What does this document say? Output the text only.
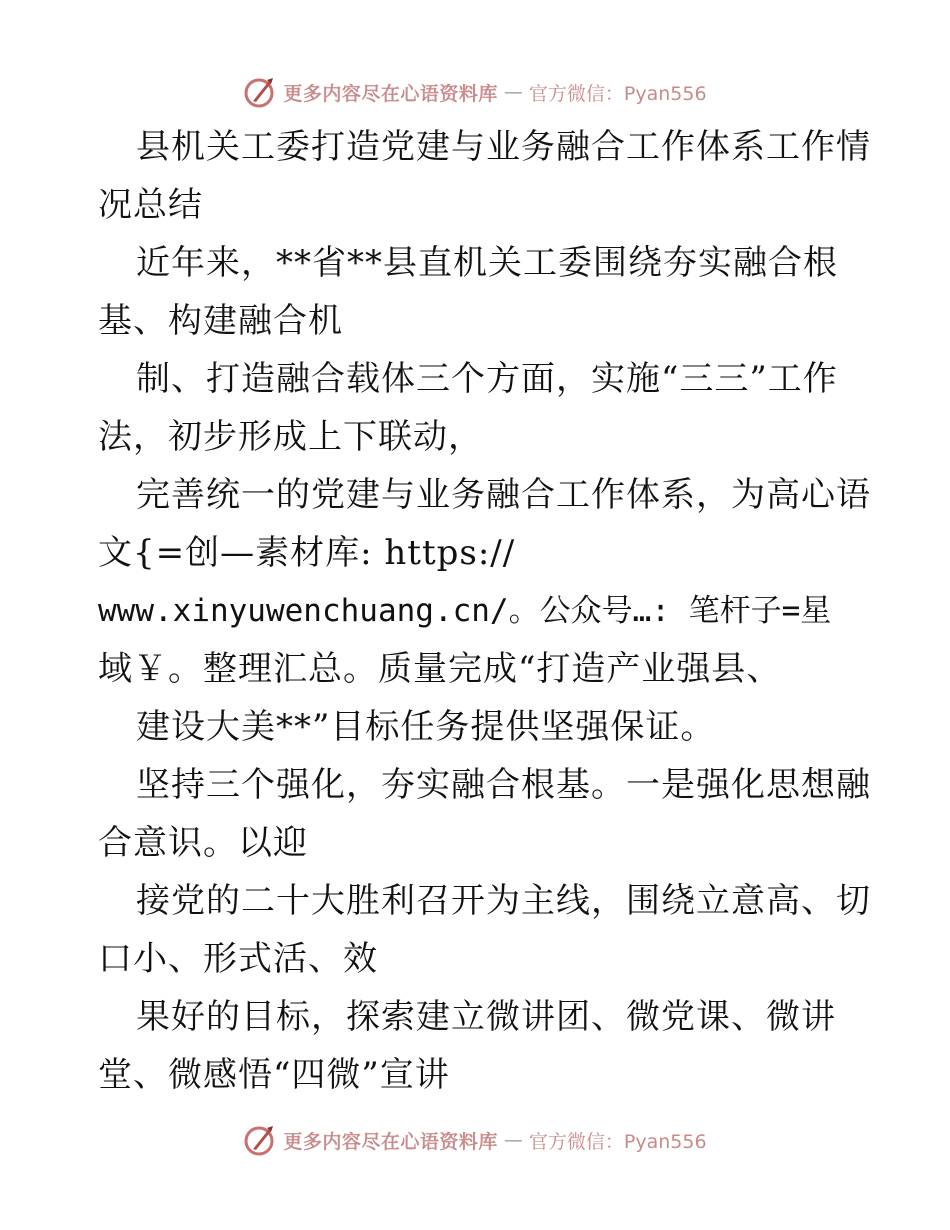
更多内容尽在心语资料库 — 官方微信：Pyan556
县机关工委打造党建与业务融合工作体系工作情
况总结
近年来，**省**县直机关工委围绕夯实融合根
基、构建融合机
制、打造融合载体三个方面，实施“三三”工作
法，初步形成上下联动，
完善统一的党建与业务融合工作体系，为高心语
文{=创—素材库: https://
www.xinyuwenchuang.cn/。公众号…: 笔杆子=星
域￥。整理汇总。质量完成“打造产业强县、
建设大美**”目标任务提供坚强保证。
坚持三个强化，夯实融合根基。一是强化思想融
合意识。以迎
接党的二十大胜利召开为主线，围绕立意高、切
口小、形式活、效
果好的目标，探索建立微讲团、微党课、微讲
堂、微感悟“四微”宣讲
更多内容尽在心语资料库 — 官方微信：Pyan556
